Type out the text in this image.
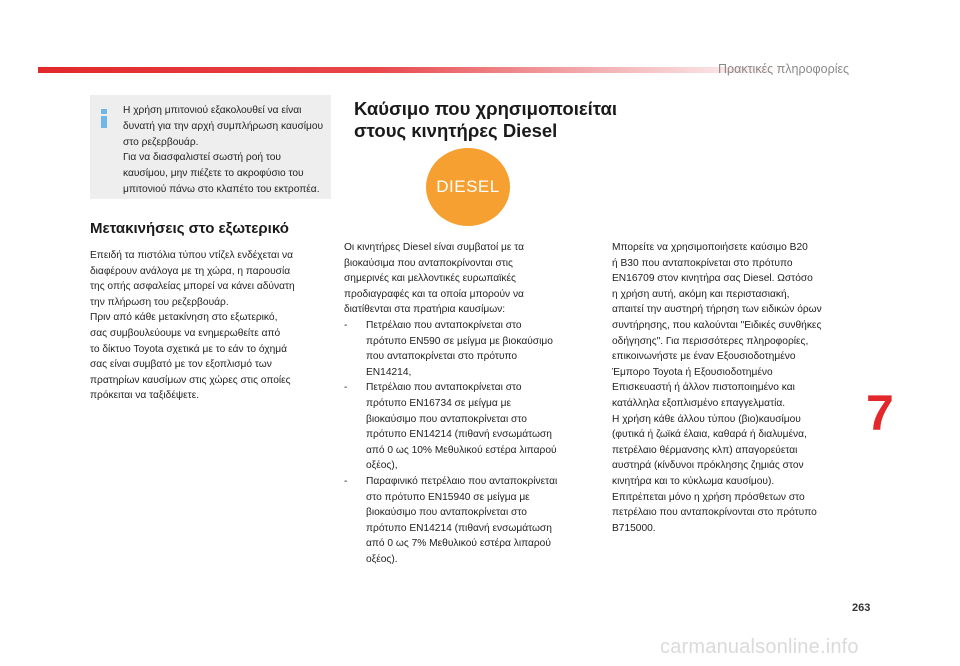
Πρακτικές πληροφορίες

Η χρήση μπιτονιού εξακολουθεί να είναι

δυνατή για την αρχή συμπλήρωση καυσίμου

στο ρεζερβουάρ.

Για να διασφαλιστεί σωστή ροή του

καυσίμου, μην πιέζετε το ακροφύσιο του

μπιτονιού πάνω στο κλαπέτο του εκτροπέα.

Μετακινήσεις στο εξωτερικό

Επειδή τα πιστόλια τύπου ντίζελ ενδέχεται να

διαφέρουν ανάλογα με τη χώρα, η παρουσία

της οπής ασφαλείας μπορεί να κάνει αδύνατη

την πλήρωση του ρεζερβουάρ.

Πριν από κάθε μετακίνηση στο εξωτερικό,

σας συμβουλεύουμε να ενημερωθείτε από

το δίκτυο Toyota σχετικά με το εάν το όχημά

σας είναι συμβατό με τον εξοπλισμό των

πρατηρίων καυσίμων στις χώρες στις οποίες

πρόκειται να ταξιδέψετε.

Καύσιμο που χρησιμοποιείται

στους κινητήρες Diesel

DIESEL

Οι κινητήρες Diesel είναι συμβατοί με τα

βιοκαύσιμα που ανταποκρίνονται στις

σημερινές και μελλοντικές ευρωπαϊκές

προδιαγραφές και τα οποία μπορούν να

διατίθενται στα πρατήρια καυσίμων:

-	Πετρέλαιο που ανταποκρίνεται στο

πρότυπο EN590 σε μείγμα με βιοκαύσιμο

που ανταποκρίνεται στο πρότυπο

EN14214,

-	Πετρέλαιο που ανταποκρίνεται στο

πρότυπο EN16734 σε μείγμα με

βιοκαύσιμο που ανταποκρίνεται στο

πρότυπο EN14214 (πιθανή ενσωμάτωση

από 0 ως 10% Μεθυλικού εστέρα λιπαρού

οξέος),

-	Παραφινικό πετρέλαιο που ανταποκρίνεται

στο πρότυπο EN15940 σε μείγμα με

βιοκαύσιμο που ανταποκρίνεται στο

πρότυπο EN14214 (πιθανή ενσωμάτωση

από 0 ως 7% Μεθυλικού εστέρα λιπαρού

οξέος).

Μπορείτε να χρησιμοποιήσετε καύσιμο B20

ή B30 που ανταποκρίνεται στο πρότυπο

EN16709 στον κινητήρα σας Diesel. Ωστόσο

η χρήση αυτή, ακόμη και περιστασιακή,

απαιτεί την αυστηρή τήρηση των ειδικών όρων

συντήρησης, που καλούνται "Ειδικές συνθήκες

οδήγησης". Για περισσότερες πληροφορίες,

επικοινωνήστε με έναν Εξουσιοδοτημένο

Έμπορο Toyota ή Εξουσιοδοτημένο

Επισκευαστή ή άλλον πιστοποιημένο και

κατάλληλα εξοπλισμένο επαγγελματία.

Η χρήση κάθε άλλου τύπου (βιο)καυσίμου

(φυτικά ή ζωϊκά έλαια, καθαρά ή διαλυμένα,

πετρέλαιο θέρμανσης κλπ) απαγορεύεται

αυστηρά (κίνδυνοι πρόκλησης ζημιάς στον

κινητήρα και το κύκλωμα καυσίμου).

Επιτρέπεται μόνο η χρήση πρόσθετων στο

πετρέλαιο που ανταποκρίνονται στο πρότυπο

B715000.

7
263
carmanualsonline.info
